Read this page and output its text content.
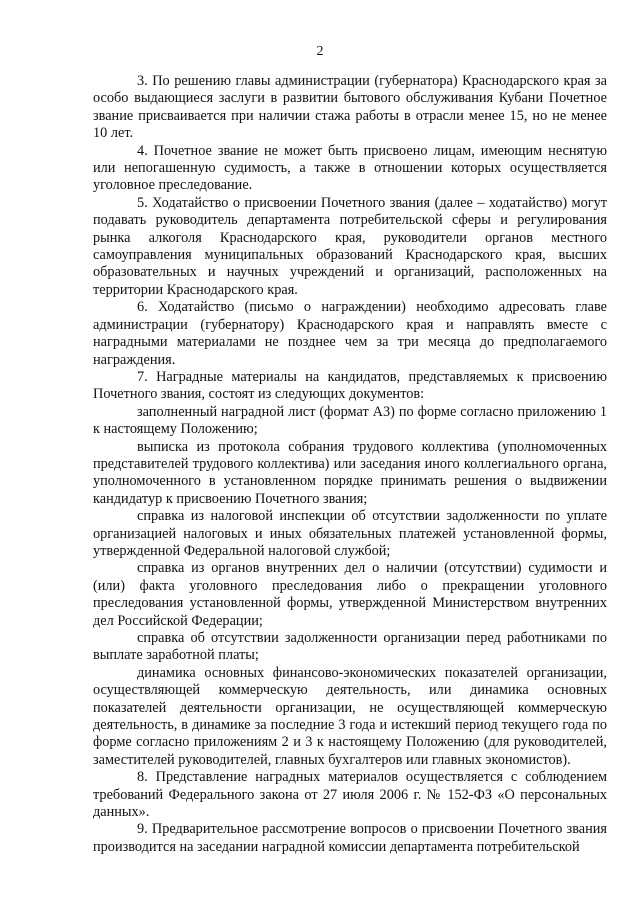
2

3. По решению главы администрации (губернатора) Краснодарского края за особо выдающиеся заслуги в развитии бытового обслуживания Кубани Почетное звание присваивается при наличии стажа работы в отрасли менее 15, но не менее 10 лет.

4. Почетное звание не может быть присвоено лицам, имеющим неснятую или непогашенную судимость, а также в отношении которых осуществляется уголовное преследование.

5. Ходатайство о присвоении Почетного звания (далее – ходатайство) могут подавать руководитель департамента потребительской сферы и регулирования рынка алкоголя Краснодарского края, руководители органов местного самоуправления муниципальных образований Краснодарского края, высших образовательных и научных учреждений и организаций, расположенных на территории Краснодарского края.

6. Ходатайство (письмо о награждении) необходимо адресовать главе администрации (губернатору) Краснодарского края и направлять вместе с наградными материалами не позднее чем за три месяца до предполагаемого награждения.

7. Наградные материалы на кандидатов, представляемых к присвоению Почетного звания, состоят из следующих документов:

заполненный наградной лист (формат А3) по форме согласно приложению 1 к настоящему Положению;

выписка из протокола собрания трудового коллектива (уполномоченных представителей трудового коллектива) или заседания иного коллегиального органа, уполномоченного в установленном порядке принимать решения о выдвижении кандидатур к присвоению Почетного звания;

справка из налоговой инспекции об отсутствии задолженности по уплате организацией налоговых и иных обязательных платежей установленной формы, утвержденной Федеральной налоговой службой;

справка из органов внутренних дел о наличии (отсутствии) судимости и (или) факта уголовного преследования либо о прекращении уголовного преследования установленной формы, утвержденной Министерством внутренних дел Российской Федерации;

справка об отсутствии задолженности организации перед работниками по выплате заработной платы;

динамика основных финансово-экономических показателей организации, осуществляющей коммерческую деятельность, или динамика основных показателей деятельности организации, не осуществляющей коммерческую деятельность, в динамике за последние 3 года и истекший период текущего года по форме согласно приложениям 2 и 3 к настоящему Положению (для руководителей, заместителей руководителей, главных бухгалтеров или главных экономистов).

8. Представление наградных материалов осуществляется с соблюдением требований Федерального закона от 27 июля 2006 г. № 152-ФЗ «О персональных данных».

9. Предварительное рассмотрение вопросов о присвоении Почетного звания производится на заседании наградной комиссии департамента потребительской
